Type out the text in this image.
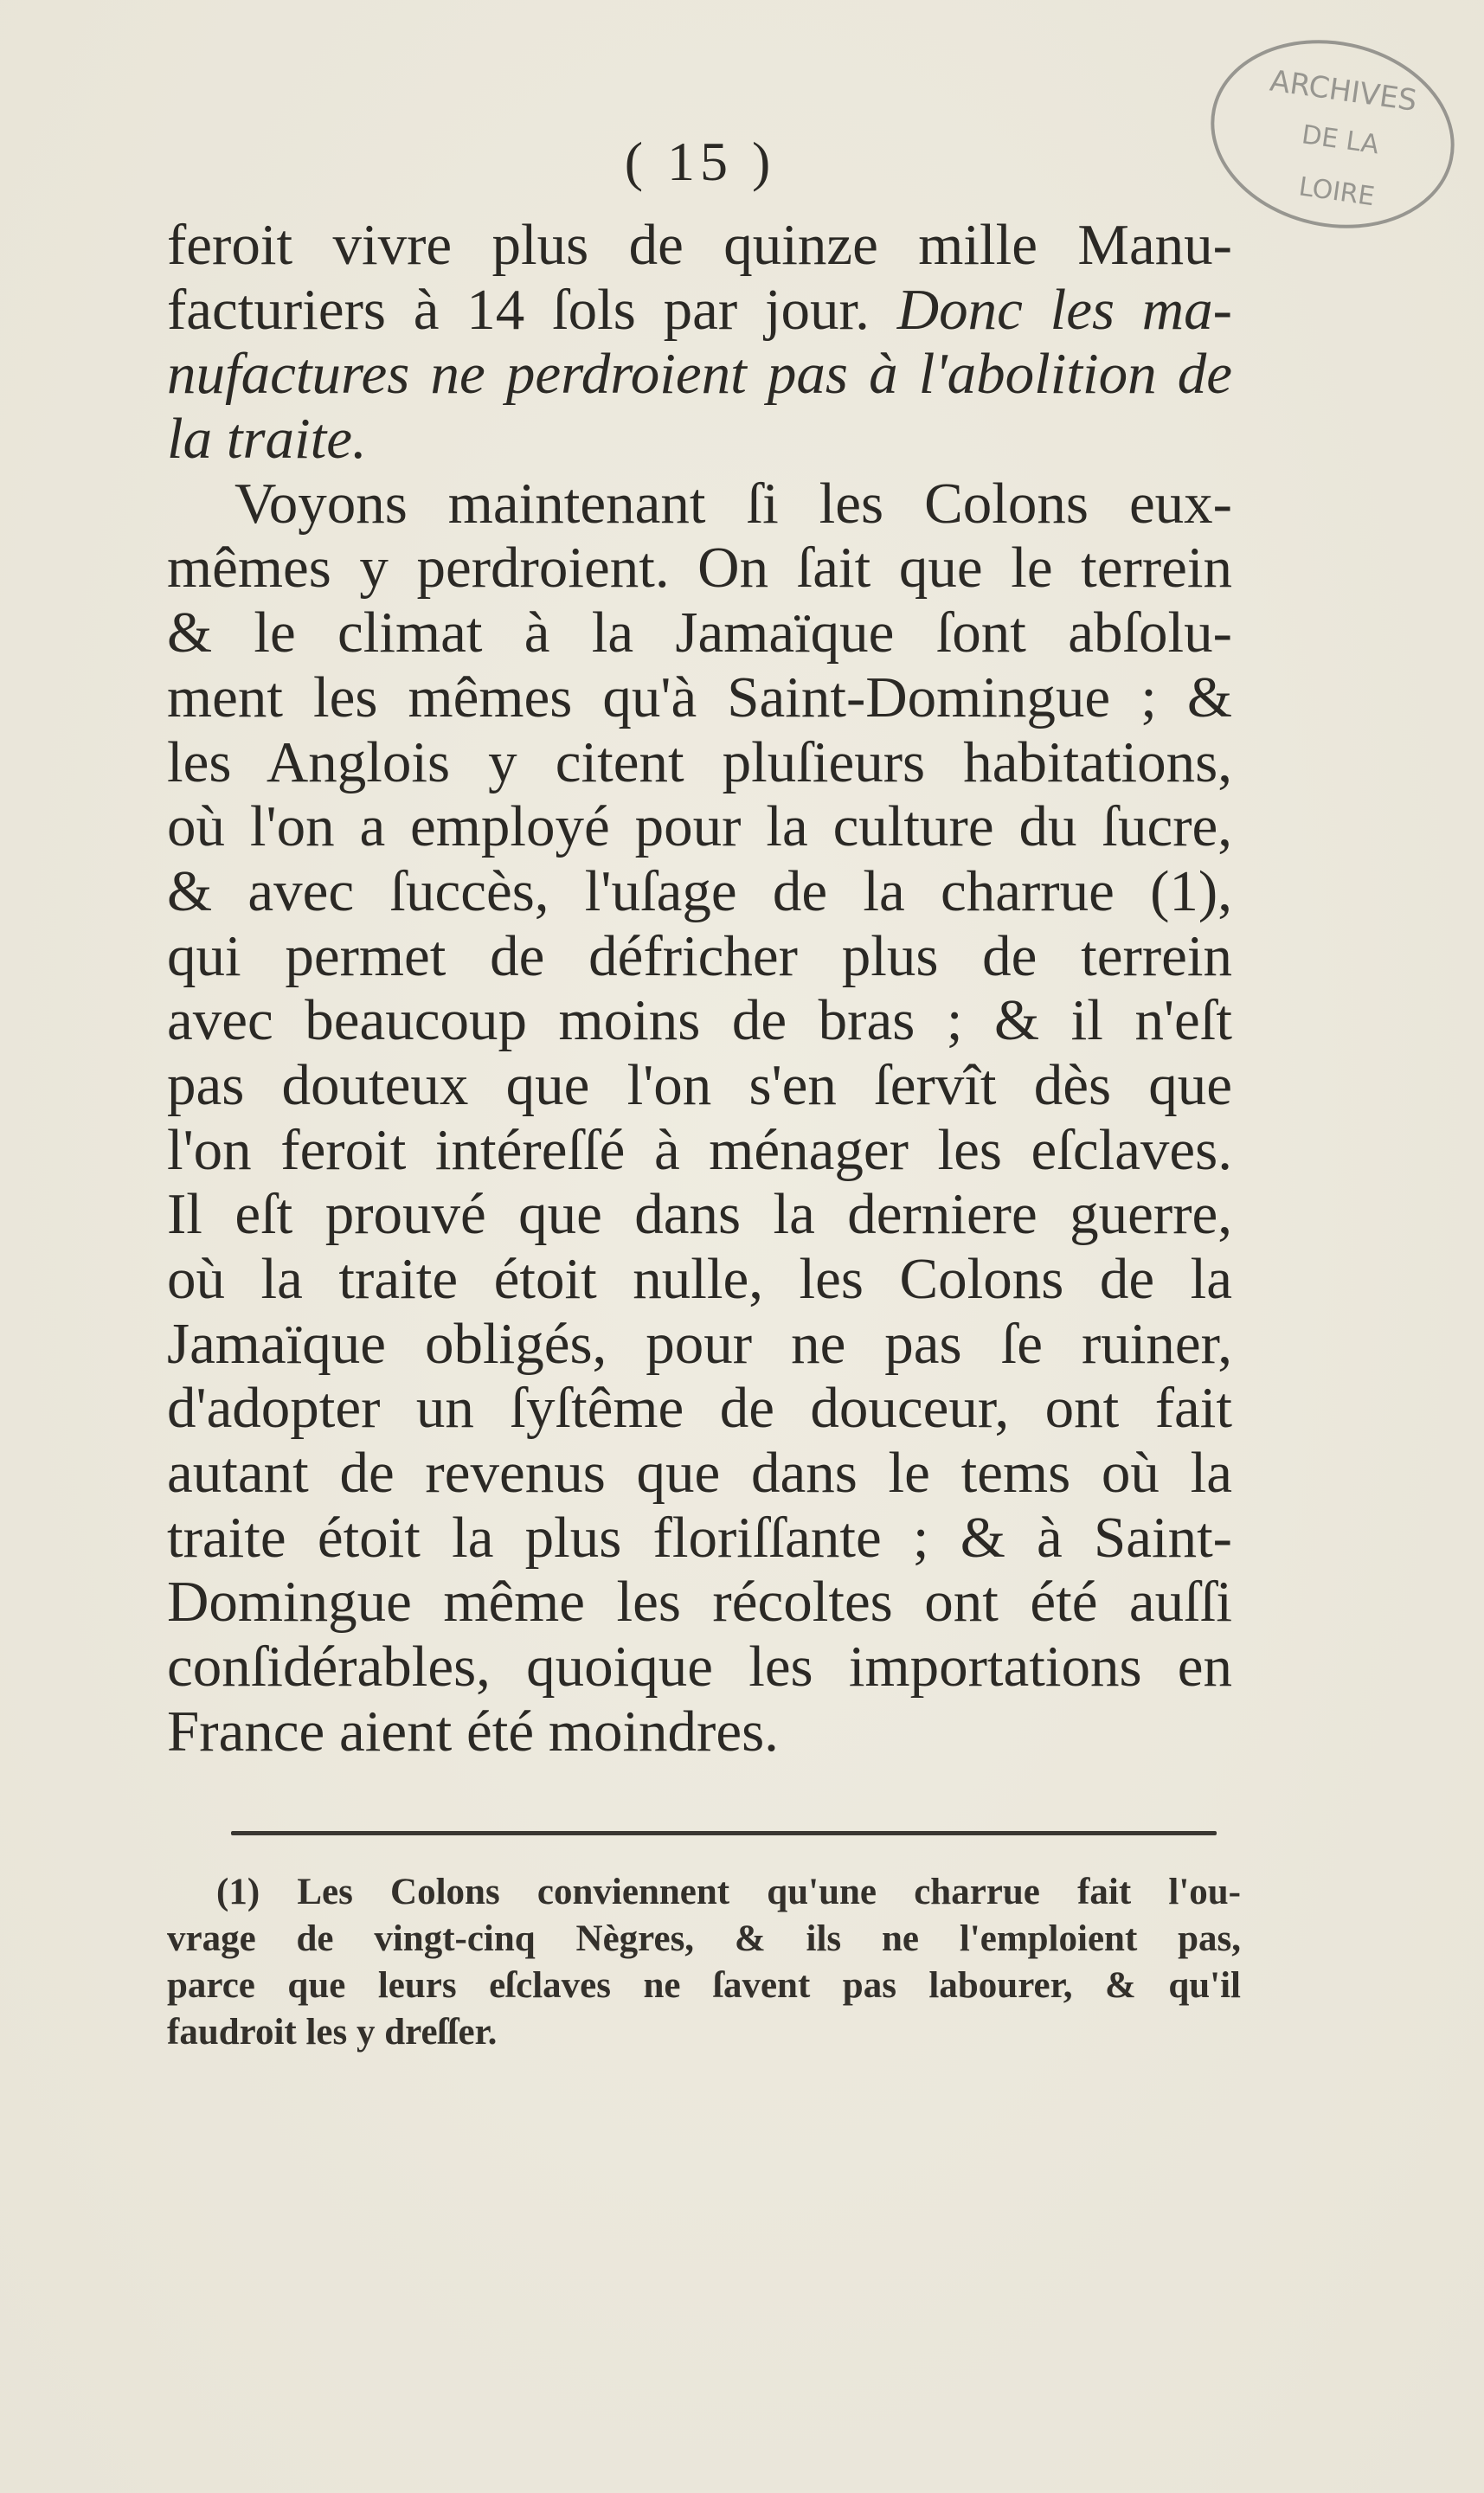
ARCHIVES
DE LA
LOIRE
( 15 )
feroit vivre plus de quinze mille Manu-
facturiers à 14 ſols par jour. Donc les ma-
nufactures ne perdroient pas à l'abolition de
la traite.
Voyons maintenant ſi les Colons eux-
mêmes y perdroient. On ſait que le terrein
& le climat à la Jamaïque ſont abſolu-
ment les mêmes qu'à Saint-Domingue ; &
les Anglois y citent pluſieurs habitations,
où l'on a employé pour la culture du ſucre,
& avec ſuccès, l'uſage de la charrue (1),
qui permet de défricher plus de terrein
avec beaucoup moins de bras ; & il n'eſt
pas douteux que l'on s'en ſervît dès que
l'on feroit intéreſſé à ménager les eſclaves.
Il eſt prouvé que dans la derniere guerre,
où la traite étoit nulle, les Colons de la
Jamaïque obligés, pour ne pas ſe ruiner,
d'adopter un ſyſtême de douceur, ont fait
autant de revenus que dans le tems où la
traite étoit la plus floriſſante ; & à Saint-
Domingue même les récoltes ont été auſſi
conſidérables, quoique les importations en
France aient été moindres.
(1) Les Colons conviennent qu'une charrue fait l'ou-
vrage de vingt-cinq Nègres, & ils ne l'emploient pas,
parce que leurs eſclaves ne ſavent pas labourer, & qu'il
faudroit les y dreſſer.
